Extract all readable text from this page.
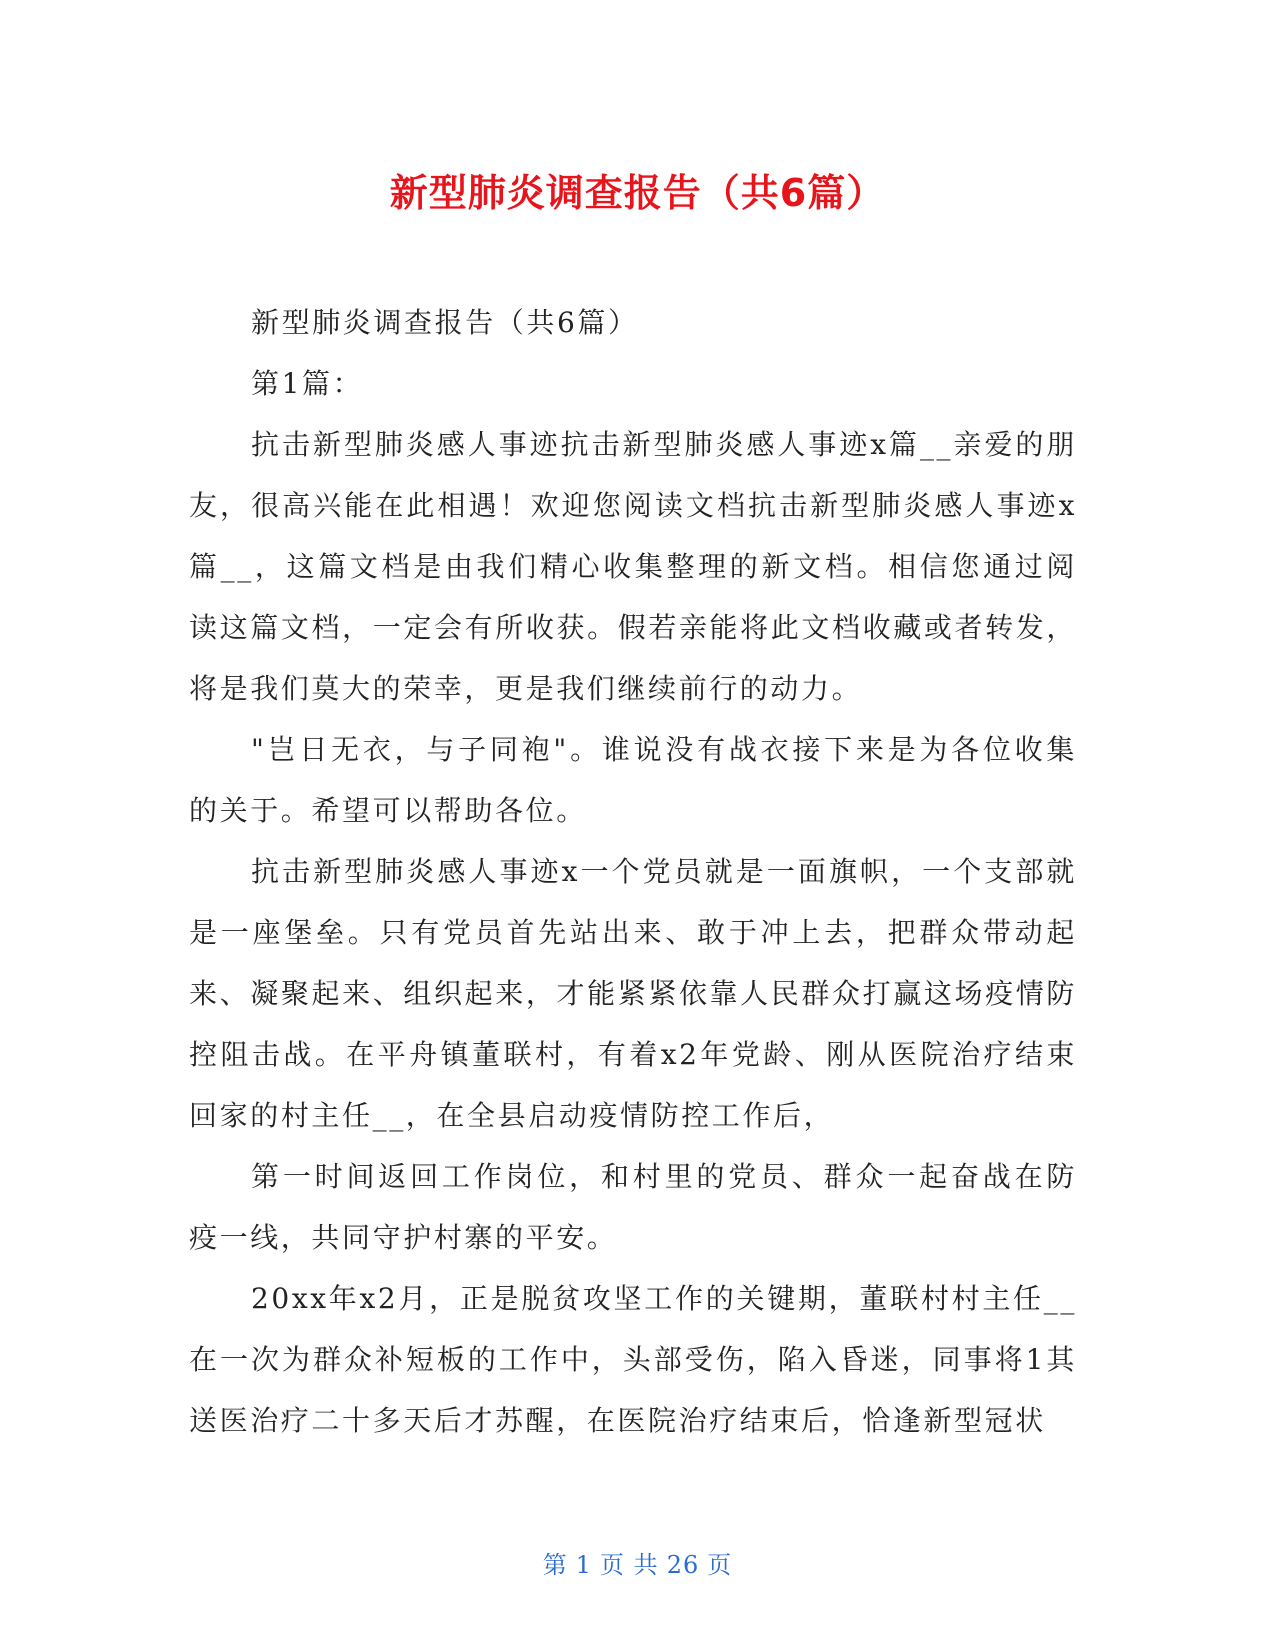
新型肺炎调查报告（共6篇）

新型肺炎调查报告（共6篇）

第1篇：

抗击新型肺炎感人事迹抗击新型肺炎感人事迹x篇__亲爱的朋友，很高兴能在此相遇！欢迎您阅读文档抗击新型肺炎感人事迹x篇__，这篇文档是由我们精心收集整理的新文档。相信您通过阅读这篇文档，一定会有所收获。假若亲能将此文档收藏或者转发，将是我们莫大的荣幸，更是我们继续前行的动力。

"岂日无衣，与子同袍"。谁说没有战衣接下来是为各位收集的关于。希望可以帮助各位。

抗击新型肺炎感人事迹x一个党员就是一面旗帜，一个支部就是一座堡垒。只有党员首先站出来、敢于冲上去，把群众带动起来、凝聚起来、组织起来，才能紧紧依靠人民群众打赢这场疫情防控阻击战。在平舟镇董联村，有着x2年党龄、刚从医院治疗结束回家的村主任__，在全县启动疫情防控工作后，

第一时间返回工作岗位，和村里的党员、群众一起奋战在防疫一线，共同守护村寨的平安。

20xx年x2月，正是脱贫攻坚工作的关键期，董联村村主任__在一次为群众补短板的工作中，头部受伤，陷入昏迷，同事将1其送医治疗二十多天后才苏醒，在医院治疗结束后，恰逢新型冠状

第 1 页 共 26 页
